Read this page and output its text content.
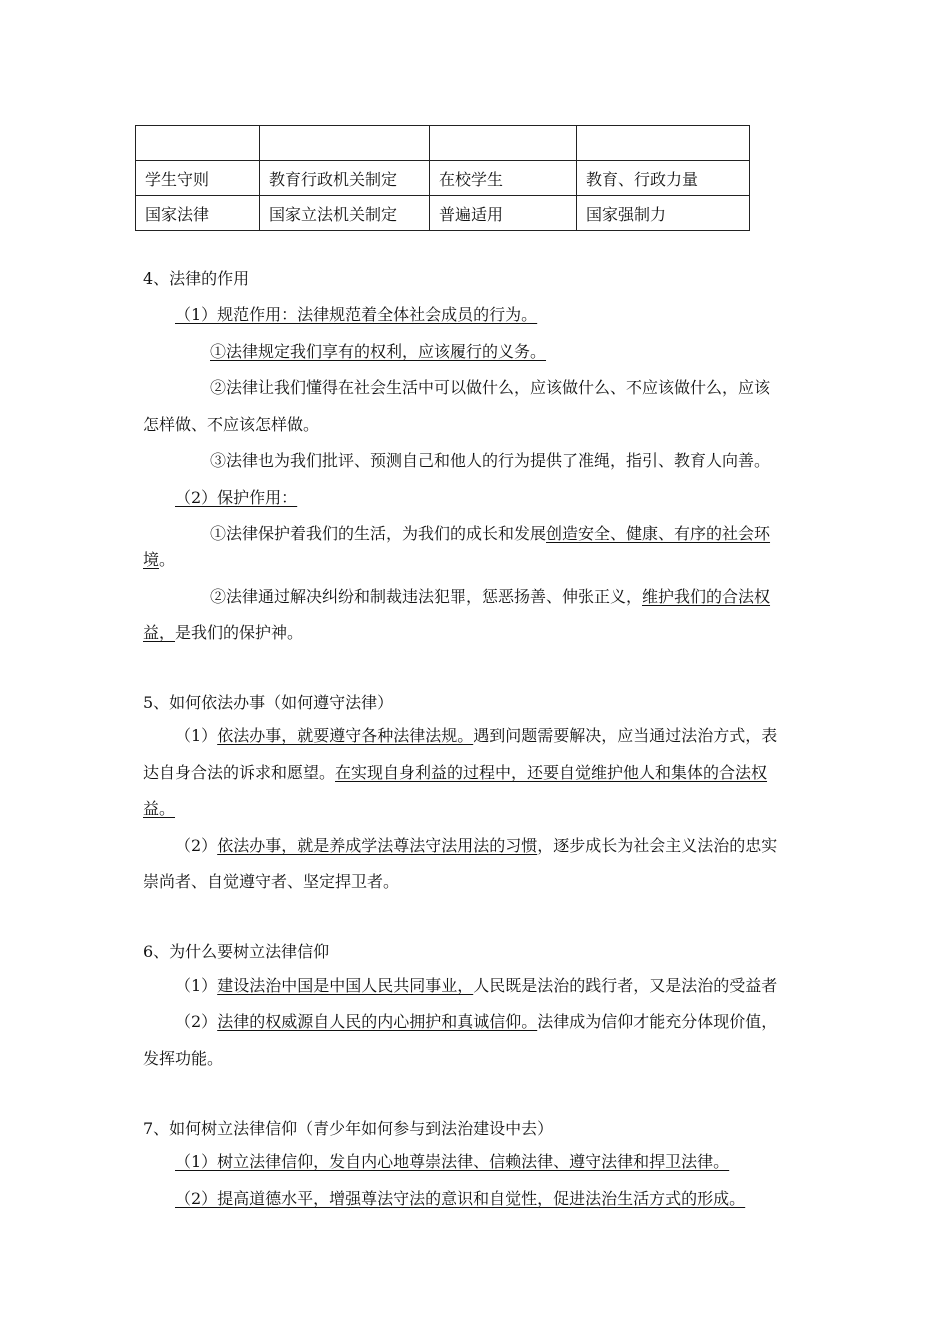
学生守则	教育行政机关制定	在校学生	教育、行政力量
国家法律	国家立法机关制定	普遍适用	国家强制力
4、法律的作用
（1）规范作用：法律规范着全体社会成员的行为。
①法律规定我们享有的权利，应该履行的义务。
②法律让我们懂得在社会生活中可以做什么，应该做什么、不应该做什么，应该
怎样做、不应该怎样做。
③法律也为我们批评、预测自己和他人的行为提供了准绳，指引、教育人向善。
（2）保护作用：
①法律保护着我们的生活，为我们的成长和发展创造安全、健康、有序的社会环
境。
②法律通过解决纠纷和制裁违法犯罪，惩恶扬善、伸张正义，维护我们的合法权
益，是我们的保护神。
5、如何依法办事（如何遵守法律）
（1）依法办事，就要遵守各种法律法规。遇到问题需要解决，应当通过法治方式，表
达自身合法的诉求和愿望。在实现自身利益的过程中，还要自觉维护他人和集体的合法权
益。
（2）依法办事，就是养成学法尊法守法用法的习惯，逐步成长为社会主义法治的忠实
崇尚者、自觉遵守者、坚定捍卫者。
6、为什么要树立法律信仰
（1）建设法治中国是中国人民共同事业，人民既是法治的践行者，又是法治的受益者
（2）法律的权威源自人民的内心拥护和真诚信仰。法律成为信仰才能充分体现价值，
发挥功能。
7、如何树立法律信仰（青少年如何参与到法治建设中去）
（1）树立法律信仰，发自内心地尊崇法律、信赖法律、遵守法律和捍卫法律。
（2）提高道德水平，增强尊法守法的意识和自觉性，促进法治生活方式的形成。
